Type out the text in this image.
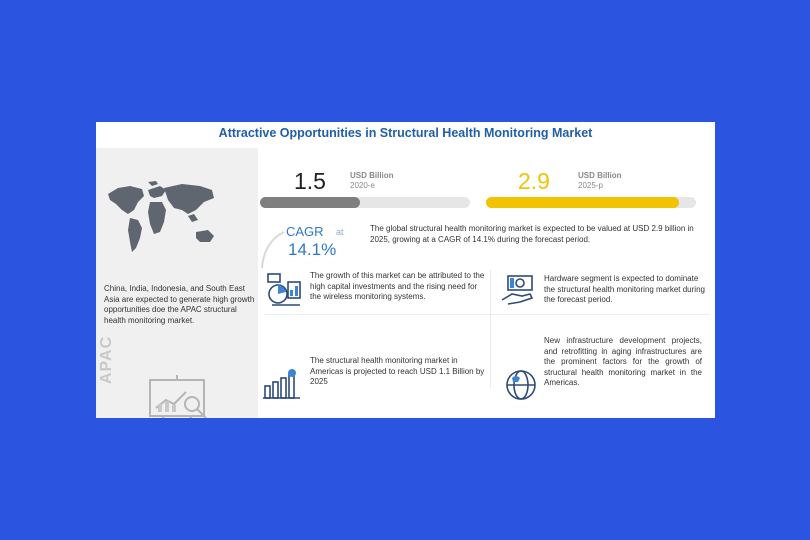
Attractive Opportunities in Structural Health Monitoring Market
China, India, Indonesia, and South East Asia are expected to generate high growth opportunities doe the APAC structural health monitoring market.
APAC
1.5	USD Billion
2020-e	2.9	USD Billion
2025-p
CAGR at
14.1%
The global structural health monitoring market is expected to be valued at USD 2.9 billion in 2025, growing at a CAGR of 14.1% during the forecast period.
The growth of this market can be attributed to the high capital investments and the rising need for the wireless monitoring systems.
Hardware segment is expected to dominate the structural health monitoring market during the forecast period.
The structural health monitoring market in Americas is projected to reach USD 1.1 Billion by 2025
New infrastructure development projects, and retrofitting in aging infrastructures are the prominent factors for the growth of structural health monitoring market in the Americas.
